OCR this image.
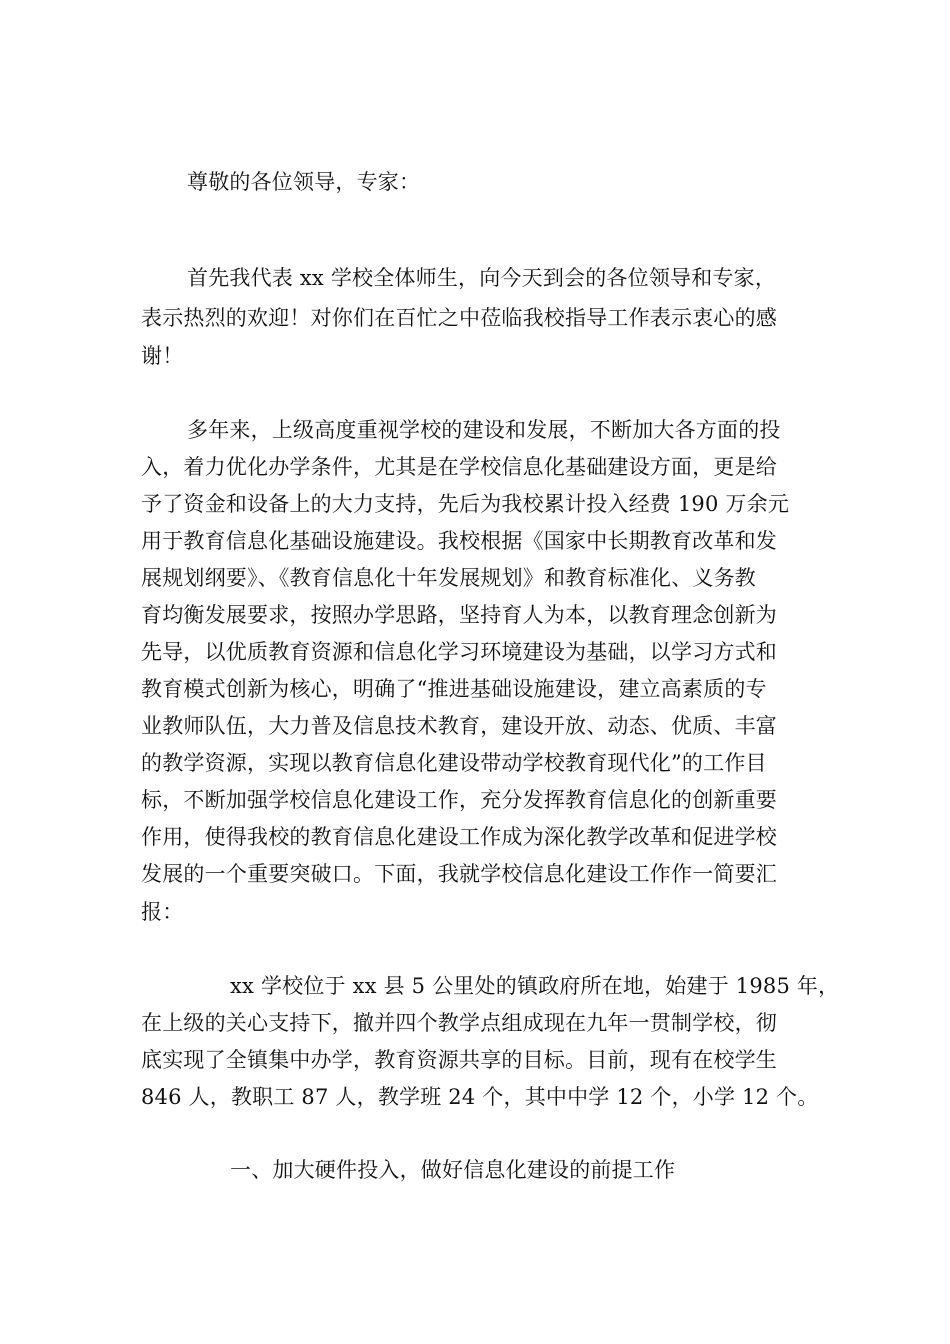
尊敬的各位领导，专家：
首先我代表 xx 学校全体师生，向今天到会的各位领导和专家，
表示热烈的欢迎！对你们在百忙之中莅临我校指导工作表示衷心的感
谢！
多年来，上级高度重视学校的建设和发展，不断加大各方面的投
入，着力优化办学条件，尤其是在学校信息化基础建设方面，更是给
予了资金和设备上的大力支持，先后为我校累计投入经费 190 万余元
用于教育信息化基础设施建设。我校根据《国家中长期教育改革和发
展规划纲要》、《教育信息化十年发展规划》和教育标准化、义务教
育均衡发展要求，按照办学思路，坚持育人为本，以教育理念创新为
先导，以优质教育资源和信息化学习环境建设为基础，以学习方式和
教育模式创新为核心，明确了“推进基础设施建设，建立高素质的专
业教师队伍，大力普及信息技术教育，建设开放、动态、优质、丰富
的教学资源，实现以教育信息化建设带动学校教育现代化”的工作目
标，不断加强学校信息化建设工作，充分发挥教育信息化的创新重要
作用，使得我校的教育信息化建设工作成为深化教学改革和促进学校
发展的一个重要突破口。下面，我就学校信息化建设工作作一简要汇
报：
xx 学校位于 xx 县 5 公里处的镇政府所在地，始建于 1985 年，
在上级的关心支持下，撤并四个教学点组成现在九年一贯制学校，彻
底实现了全镇集中办学，教育资源共享的目标。目前，现有在校学生
846 人，教职工 87 人，教学班 24 个，其中中学 12 个，小学 12 个。
一、加大硬件投入，做好信息化建设的前提工作
